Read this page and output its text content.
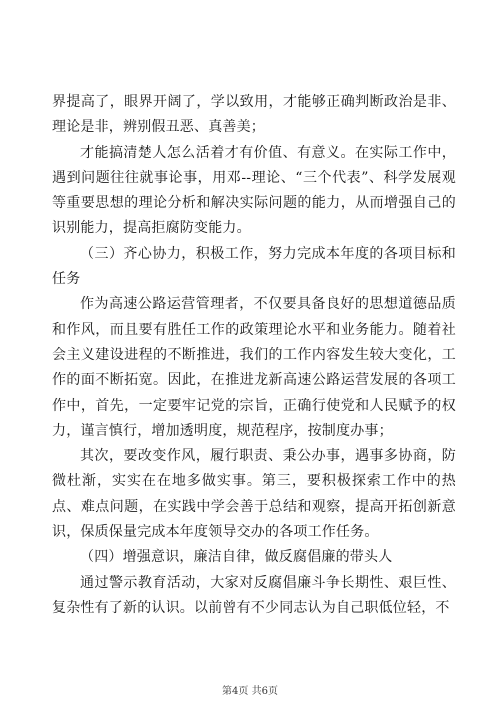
界提高了，眼界开阔了，学以致用，才能够正确判断政治是非、理论是非，辨别假丑恶、真善美；

才能搞清楚人怎么活着才有价值、有意义。在实际工作中，遇到问题往往就事论事，用邓--理论、“三个代表”、科学发展观等重要思想的理论分析和解决实际问题的能力，从而增强自己的识别能力，提高拒腐防变能力。

（三）齐心协力，积极工作，努力完成本年度的各项目标和任务

作为高速公路运营管理者，不仅要具备良好的思想道德品质和作风，而且要有胜任工作的政策理论水平和业务能力。随着社会主义建设进程的不断推进，我们的工作内容发生较大变化，工作的面不断拓宽。因此，在推进龙新高速公路运营发展的各项工作中，首先，一定要牢记党的宗旨，正确行使党和人民赋予的权力，谨言慎行，增加透明度，规范程序，按制度办事；

其次，要改变作风，履行职责、秉公办事，遇事多协商，防微杜渐，实实在在地多做实事。第三，要积极探索工作中的热点、难点问题，在实践中学会善于总结和观察，提高开拓创新意识，保质保量完成本年度领导交办的各项工作任务。

（四）增强意识，廉洁自律，做反腐倡廉的带头人

通过警示教育活动，大家对反腐倡廉斗争长期性、艰巨性、复杂性有了新的认识。以前曾有不少同志认为自己职低位轻，不

第4页 共6页
